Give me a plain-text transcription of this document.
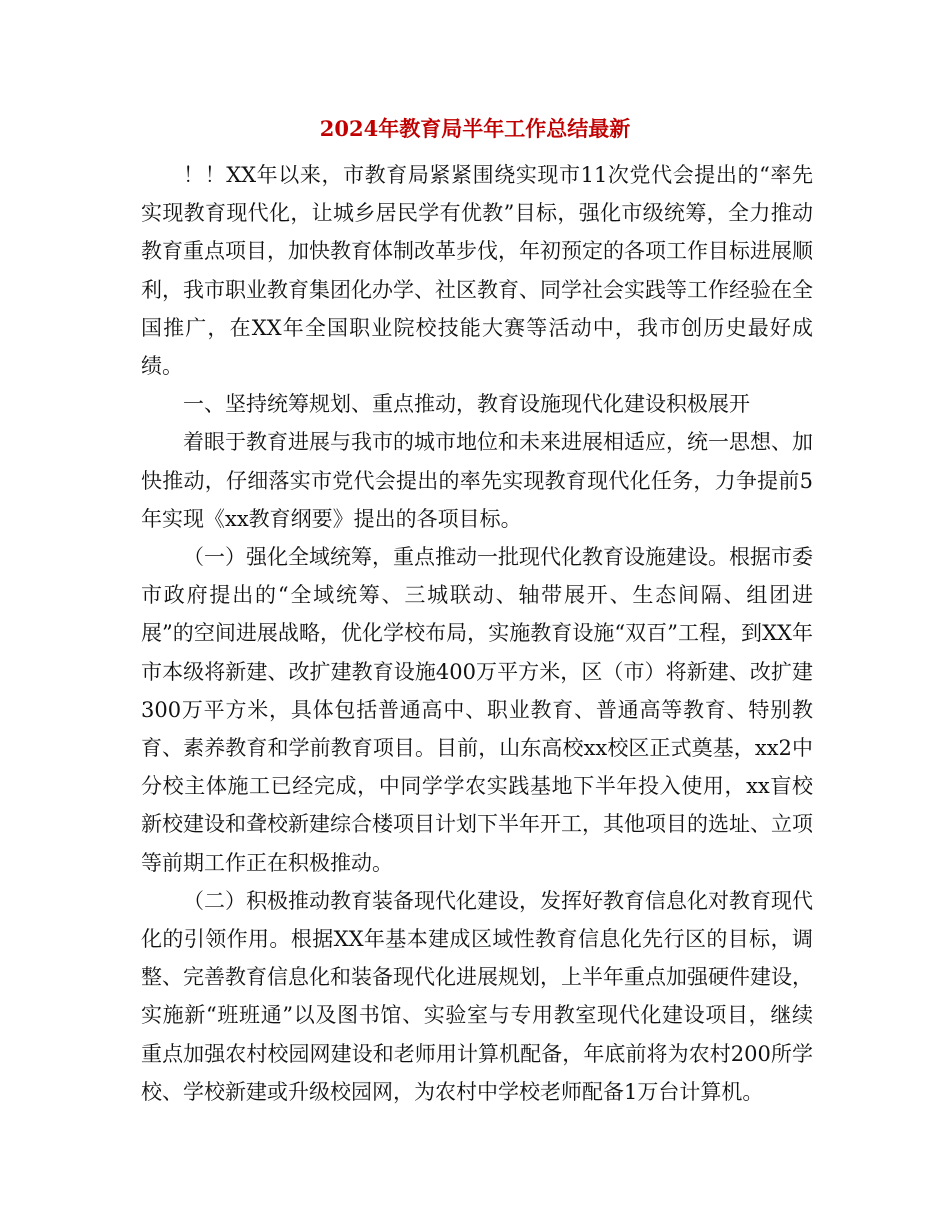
2024年教育局半年工作总结最新

！！XX年以来，市教育局紧紧围绕实现市11次党代会提出的“率先实现教育现代化，让城乡居民学有优教”目标，强化市级统筹，全力推动教育重点项目，加快教育体制改革步伐，年初预定的各项工作目标进展顺利，我市职业教育集团化办学、社区教育、同学社会实践等工作经验在全国推广，在XX年全国职业院校技能大赛等活动中，我市创历史最好成绩。

一、坚持统筹规划、重点推动，教育设施现代化建设积极展开

着眼于教育进展与我市的城市地位和未来进展相适应，统一思想、加快推动，仔细落实市党代会提出的率先实现教育现代化任务，力争提前5年实现《xx教育纲要》提出的各项目标。

（一）强化全域统筹，重点推动一批现代化教育设施建设。根据市委市政府提出的“全域统筹、三城联动、轴带展开、生态间隔、组团进展”的空间进展战略，优化学校布局，实施教育设施“双百”工程，到XX年市本级将新建、改扩建教育设施400万平方米，区（市）将新建、改扩建300万平方米，具体包括普通高中、职业教育、普通高等教育、特别教育、素养教育和学前教育项目。目前，山东高校xx校区正式奠基，xx2中分校主体施工已经完成，中同学学农实践基地下半年投入使用，xx盲校新校建设和聋校新建综合楼项目计划下半年开工，其他项目的选址、立项等前期工作正在积极推动。

（二）积极推动教育装备现代化建设，发挥好教育信息化对教育现代化的引领作用。根据XX年基本建成区域性教育信息化先行区的目标，调整、完善教育信息化和装备现代化进展规划，上半年重点加强硬件建设，实施新“班班通”以及图书馆、实验室与专用教室现代化建设项目，继续重点加强农村校园网建设和老师用计算机配备，年底前将为农村200所学校、学校新建或升级校园网，为农村中学校老师配备1万台计算机。
